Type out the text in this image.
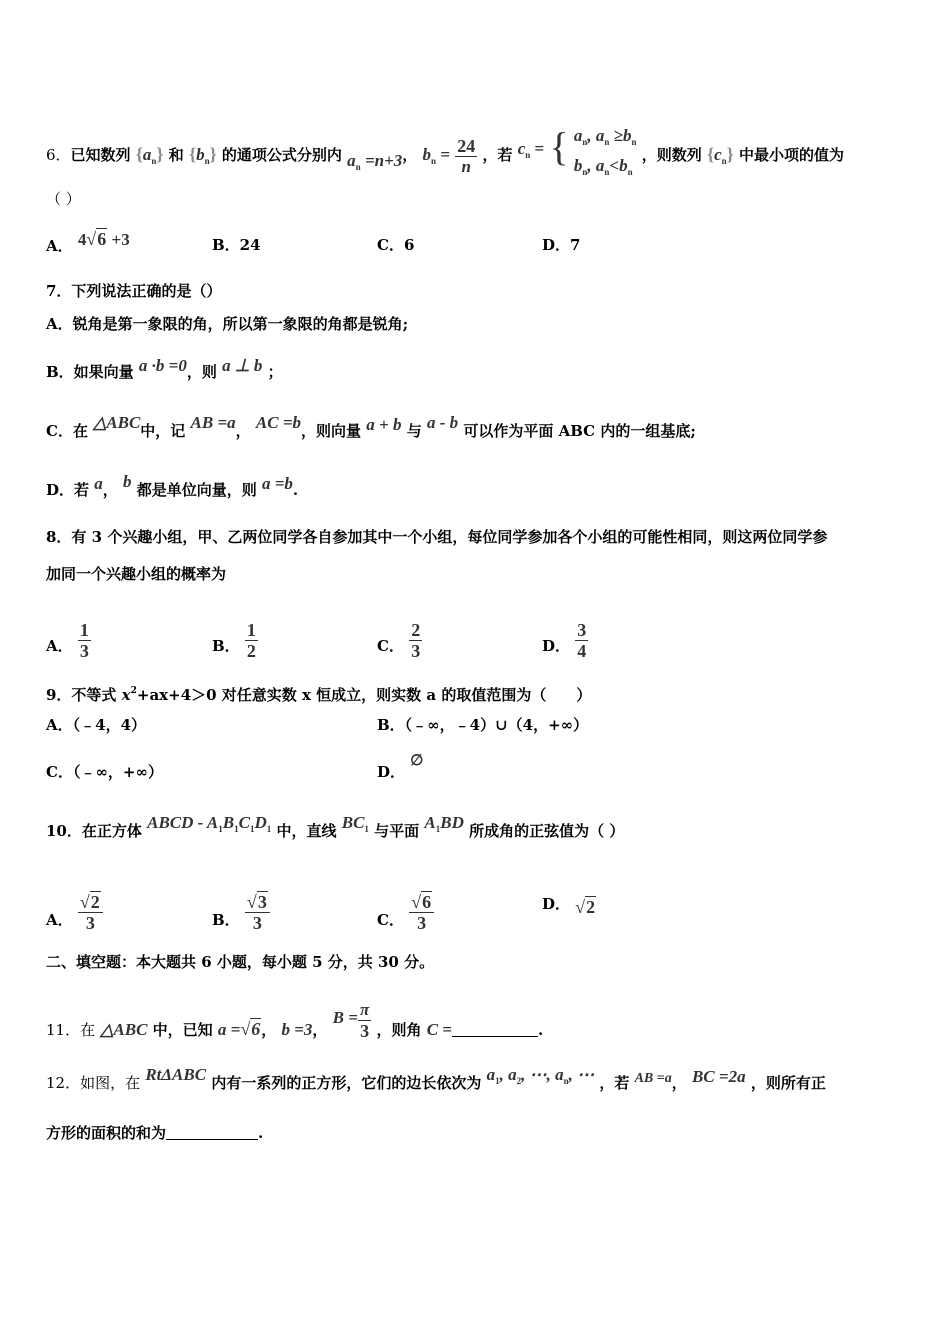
6．已知数列 $\{a_n\}$ 和 $\{b_n\}$ 的通项公式分别内 $a_n =n+3$， $b_n = \frac{24}{n}$ ，若 $c_n$ = { $a_n$, $a_n \ge b_n$
$b_n$, $a_n<b_n$
，则数列 $\{c_n\}$ 中最小项的值为
（ ）
A． 4√6 +3	B．24	C．6	D．7
7．下列说法正确的是（）
A．锐角是第一象限的角，所以第一象限的角都是锐角;
B．如果向量 a ·b =0，则 a ⊥ b ；
C．在 △ABC中，记 AB =a， AC =b，则向量 a + b 与 a - b 可以作为平面 ABC 内的一组基底;
D．若 a， b 都是单位向量，则 a =b.
8．有 3 个兴趣小组，甲、乙两位同学各自参加其中一个小组，每位同学参加各个小组的可能性相同，则这两位同学参
加同一个兴趣小组的概率为
A． $\frac{1}{3}$	B． $\frac{1}{2}$	C． $\frac{2}{3}$	D． $\frac{3}{4}$
9．不等式 $x^2+ax+4>0$ 对任意实数 x 恒成立，则实数 a 的取值范围为（　　）
A．（﹣4，4）	B．（﹣∞，﹣4）∪（4，+∞）
C．（﹣∞，+∞）	D． ∅
10．在正方体 ABCD - $A_1B_1C_1D_1$ 中，直线 $BC_1$ 与平面 $A_1BD$ 所成角的正弦值为（ ）
A． $\frac{√2}{3}$	B． $\frac{√3}{3}$	C． $\frac{√6}{3}$	D． √2
二、填空题：本大题共 6 小题，每小题 5 分，共 30 分。
11．在 △ABC 中，已知 a =√6， b =3， $B = \frac{\pi}{3}$ ，则角 C =	.
12．如图，在 RtΔABC 内有一系列的正方形，它们的边长依次为 $a_1$, $a_2$, ⋯, $a_n$, ⋯ ，若 AB =a， BC =2a ，则所有正
方形的面积的和为	.
